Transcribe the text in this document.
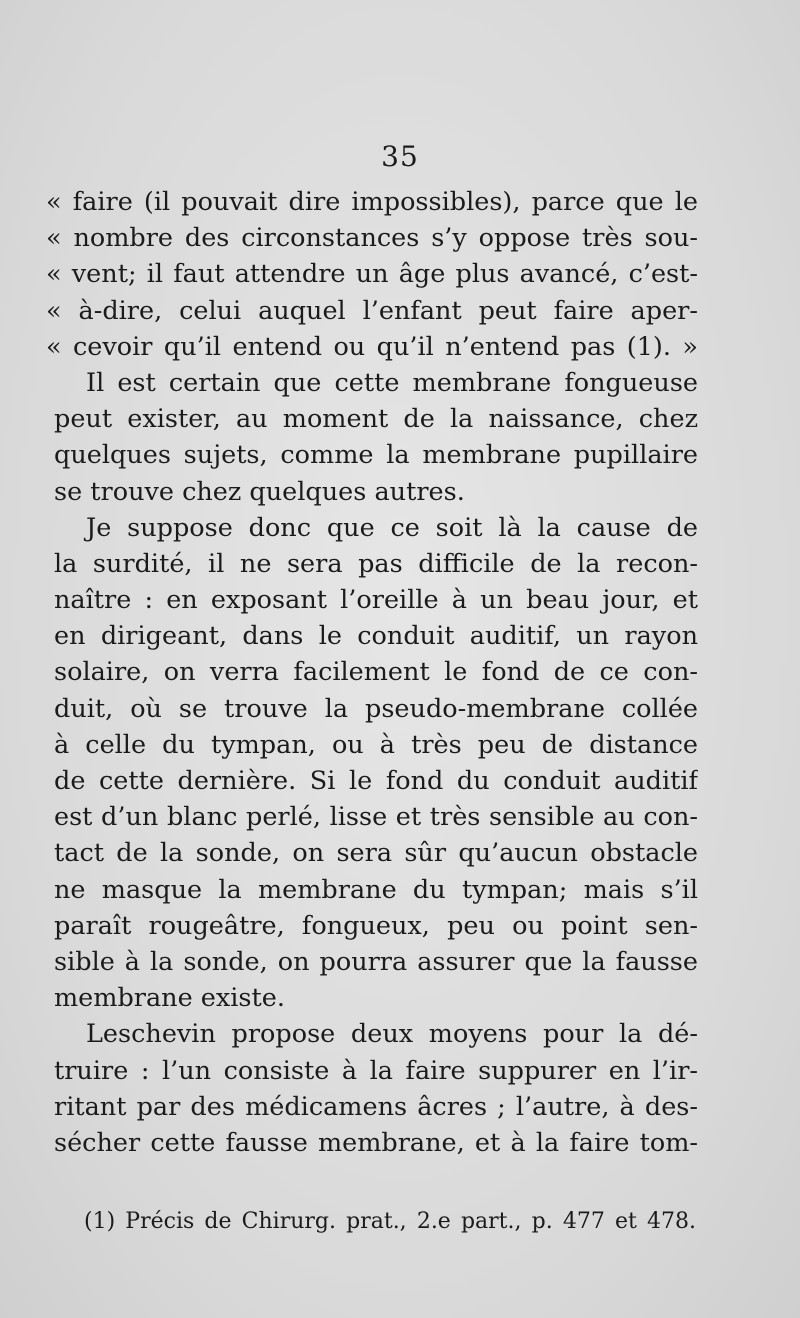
35
« faire (il pouvait dire impossibles), parce que le
« nombre des circonstances s’y oppose très sou-
« vent; il faut attendre un âge plus avancé, c’est-
« à-dire, celui auquel l’enfant peut faire aper-
« cevoir qu’il entend ou qu’il n’entend pas (1). »
Il est certain que cette membrane fongueuse
peut exister, au moment de la naissance, chez
quelques sujets, comme la membrane pupillaire
se trouve chez quelques autres.
Je suppose donc que ce soit là la cause de
la surdité, il ne sera pas difficile de la recon-
naître : en exposant l’oreille à un beau jour, et
en dirigeant, dans le conduit auditif, un rayon
solaire, on verra facilement le fond de ce con-
duit, où se trouve la pseudo-membrane collée
à celle du tympan, ou à très peu de distance
de cette dernière. Si le fond du conduit auditif
est d’un blanc perlé, lisse et très sensible au con-
tact de la sonde, on sera sûr qu’aucun obstacle
ne masque la membrane du tympan; mais s’il
paraît rougeâtre, fongueux, peu ou point sen-
sible à la sonde, on pourra assurer que la fausse
membrane existe.
Leschevin propose deux moyens pour la dé-
truire : l’un consiste à la faire suppurer en l’ir-
ritant par des médicamens âcres ; l’autre, à des-
sécher cette fausse membrane, et à la faire tom-
(1) Précis de Chirurg. prat., 2.e part., p. 477 et 478.
